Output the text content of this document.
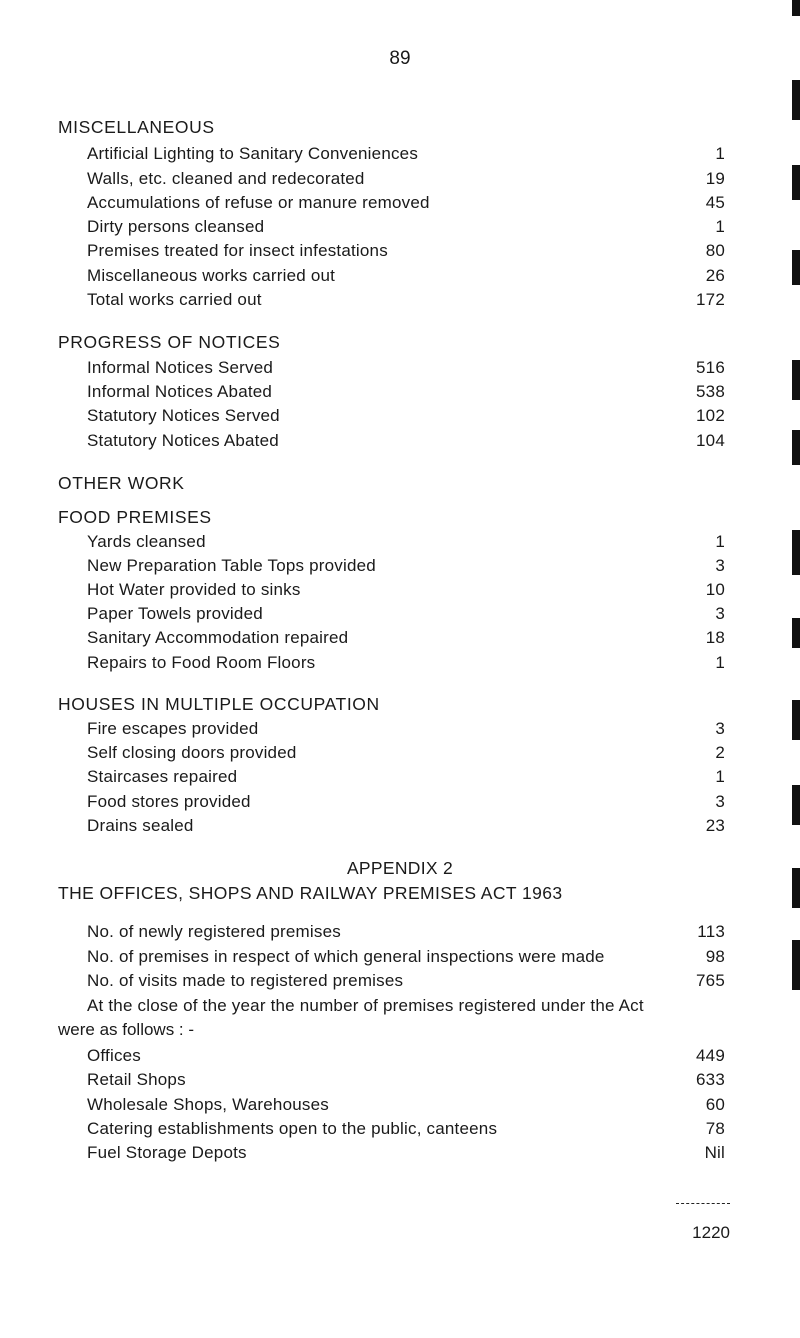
89
MISCELLANEOUS
Artificial Lighting to Sanitary Conveniences	1
Walls, etc. cleaned and redecorated	19
Accumulations of refuse or manure removed	45
Dirty persons cleansed	1
Premises treated for insect infestations	80
Miscellaneous works carried out	26
Total works carried out	172
PROGRESS OF NOTICES
Informal Notices Served	516
Informal Notices Abated	538
Statutory Notices Served	102
Statutory Notices Abated	104
OTHER WORK
FOOD PREMISES
Yards cleansed	1
New Preparation Table Tops provided	3
Hot Water provided to sinks	10
Paper Towels provided	3
Sanitary Accommodation repaired	18
Repairs to Food Room Floors	1
HOUSES IN MULTIPLE OCCUPATION
Fire escapes provided	3
Self closing doors provided	2
Staircases repaired	1
Food stores provided	3
Drains sealed	23
APPENDIX 2
THE OFFICES, SHOPS AND RAILWAY PREMISES ACT 1963
No. of newly registered premises	113
No. of premises in respect of which general inspections were made	98
No. of visits made to registered premises	765
At the close of the year the number of premises registered under the Act
were as follows : -
Offices	449
Retail Shops	633
Wholesale Shops, Warehouses	60
Catering establishments open to the public, canteens	78
Fuel Storage Depots	Nil
1220
